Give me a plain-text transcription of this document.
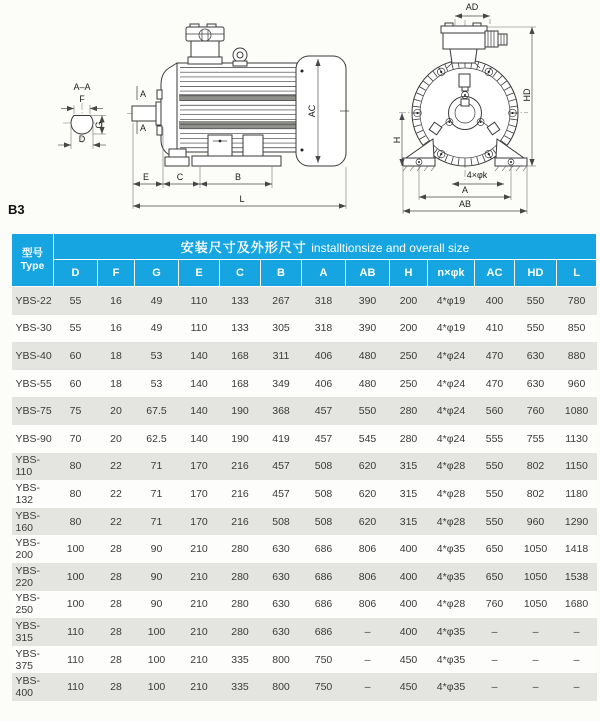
A–A
F
G
D
A
A
AC
E	C	B
L
AD
HD
H
4×φk
A
AB
B3
型号
Type	安装尺寸及外形尺寸 installtionsize and overall size												
	D	F	G	E	C	B	A	AB	H	n×φk	AC	HD	L
YBS-22	55	16	49	110	133	267	318	390	200	4*φ19	400	550	780
YBS-30	55	16	49	110	133	305	318	390	200	4*φ19	410	550	850
YBS-40	60	18	53	140	168	311	406	480	250	4*φ24	470	630	880
YBS-55	60	18	53	140	168	349	406	480	250	4*φ24	470	630	960
YBS-75	75	20	67.5	140	190	368	457	550	280	4*φ24	560	760	1080
YBS-90	70	20	62.5	140	190	419	457	545	280	4*φ24	555	755	1130
YBS-110	80	22	71	170	216	457	508	620	315	4*φ28	550	802	1150
YBS-132	80	22	71	170	216	457	508	620	315	4*φ28	550	802	1180
YBS-160	80	22	71	170	216	508	508	620	315	4*φ28	550	960	1290
YBS-200	100	28	90	210	280	630	686	806	400	4*φ35	650	1050	1418
YBS-220	100	28	90	210	280	630	686	806	400	4*φ35	650	1050	1538
YBS-250	100	28	90	210	280	630	686	806	400	4*φ28	760	1050	1680
YBS-315	110	28	100	210	280	630	686	–	400	4*φ35	–	–	–
YBS-375	110	28	100	210	335	800	750	–	450	4*φ35	–	–	–
YBS-400	110	28	100	210	335	800	750	–	450	4*φ35	–	–	–
